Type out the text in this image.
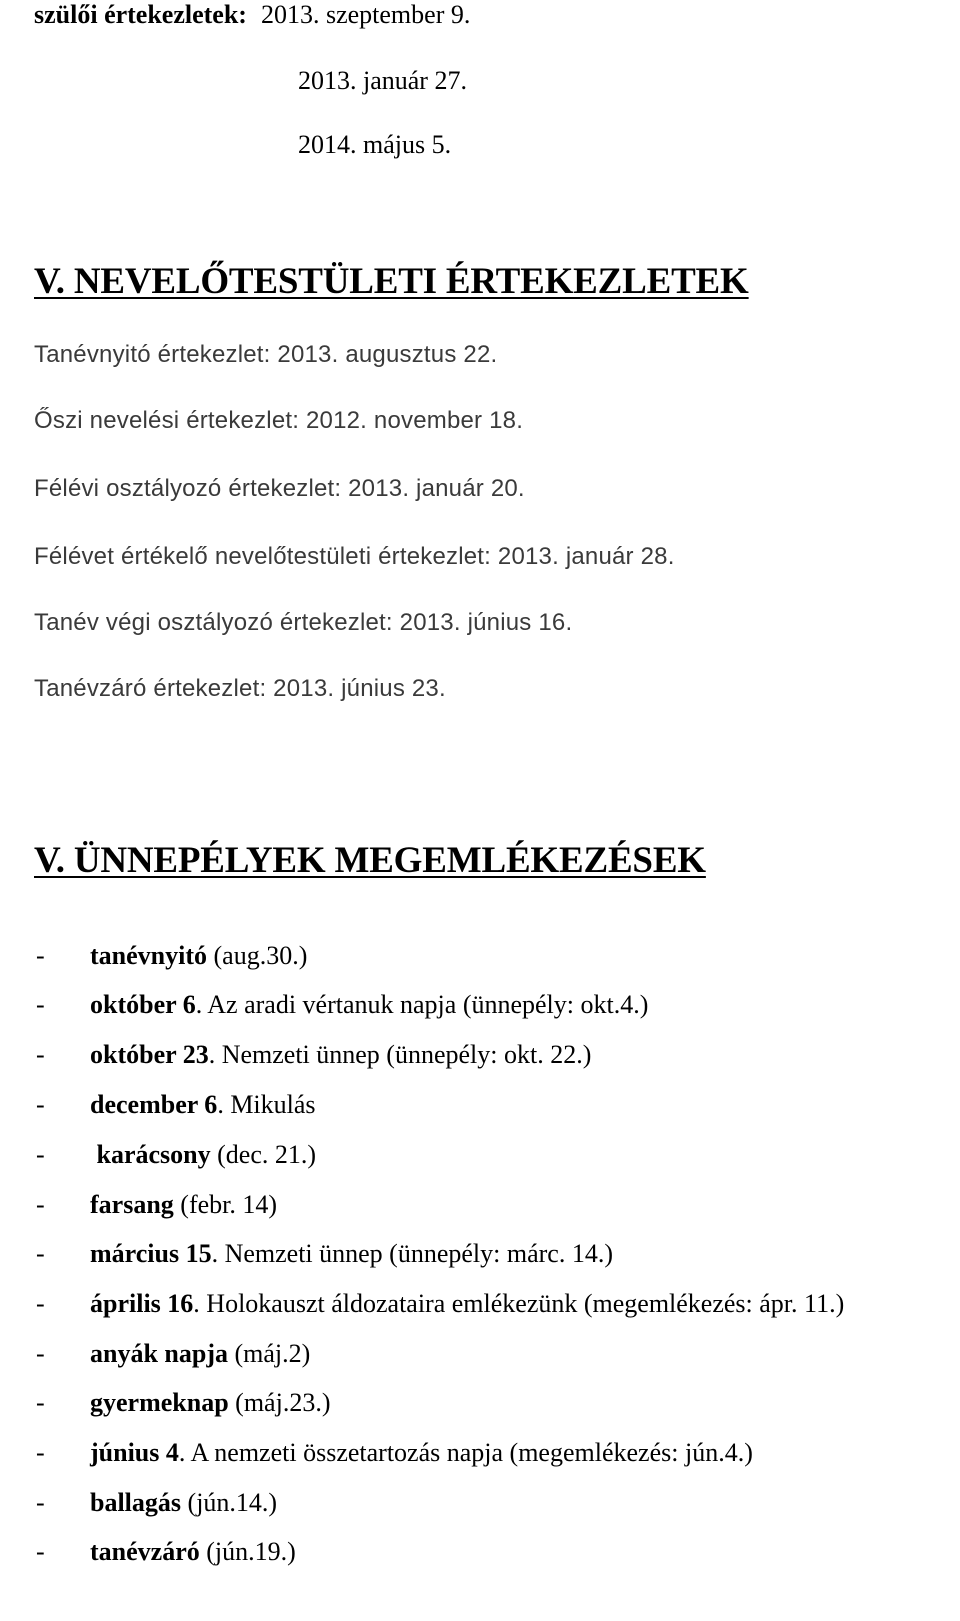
szülői értekezletek: 2013. szeptember 9.
2013. január 27.
2014. május 5.
V. NEVELŐTESTÜLETI ÉRTEKEZLETEK
Tanévnyitó értekezlet: 2013. augusztus 22.
Őszi nevelési értekezlet: 2012. november 18.
Félévi osztályozó értekezlet: 2013. január 20.
Félévet értékelő nevelőtestületi értekezlet: 2013. január 28.
Tanév végi osztályozó értekezlet: 2013. június 16.
Tanévzáró értekezlet: 2013. június 23.
V. ÜNNEPÉLYEK MEGEMLÉKEZÉSEK
- tanévnyitó (aug.30.)
- október 6. Az aradi vértanuk napja (ünnepély: okt.4.)
- október 23. Nemzeti ünnep (ünnepély: okt. 22.)
- december 6. Mikulás
- karácsony (dec. 21.)
- farsang (febr. 14)
- március 15. Nemzeti ünnep (ünnepély: márc. 14.)
- április 16. Holokauszt áldozataira emlékezünk (megemlékezés: ápr. 11.)
- anyák napja (máj.2)
- gyermeknap (máj.23.)
- június 4. A nemzeti összetartozás napja (megemlékezés: jún.4.)
- ballagás (jún.14.)
- tanévzáró (jún.19.)
